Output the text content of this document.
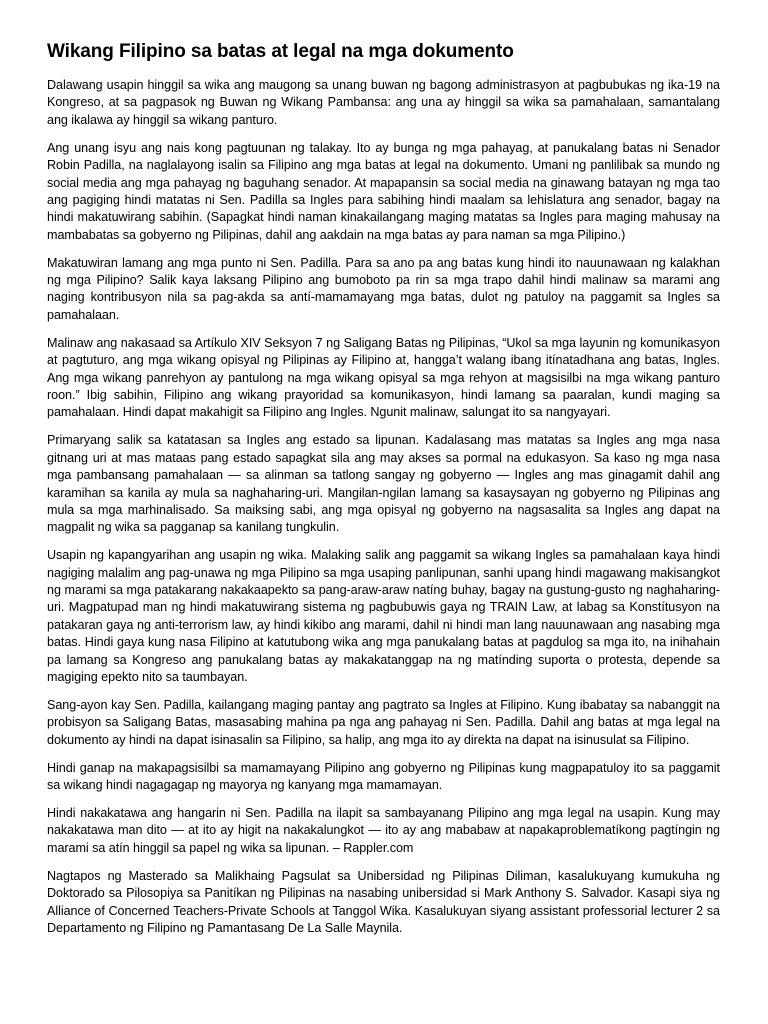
Wikang Filipino sa batas at legal na mga dokumento

Dalawang usapin hinggil sa wika ang maugong sa unang buwan ng bagong administrasyon at pagbubukas ng ika-19 na Kongreso, at sa pagpasok ng Buwan ng Wikang Pambansa: ang una ay hinggil sa wika sa pamahalaan, samantalang ang ikalawa ay hinggil sa wikang panturo.

Ang unang isyu ang nais kong pagtuunan ng talakay. Ito ay bunga ng mga pahayag, at panukalang batas ni Senador Robin Padilla, na naglalayong isalin sa Filipino ang mga batas at legal na dokumento. Umani ng panlilibak sa mundo ng social media ang mga pahayag ng baguhang senador. At mapapansin sa social media na ginawang batayan ng mga tao ang pagiging hindi matatas ni Sen. Padilla sa Ingles para sabihing hindi maalam sa lehislatura ang senador, bagay na hindi makatuwirang sabihin. (Sapagkat hindi naman kinakailangang maging matatas sa Ingles para maging mahusay na mambabatas sa gobyerno ng Pilipinas, dahil ang aakdain na mga batas ay para naman sa mga Pilipino.)

Makatuwiran lamang ang mga punto ni Sen. Padilla. Para sa ano pa ang batas kung hindi ito nauunawaan ng kalakhan ng mga Pilipino? Salik kaya laksang Pilipino ang bumoboto pa rin sa mga trapo dahil hindi malinaw sa marami ang naging kontribusyon nila sa pag-akda sa antí-mamamayang mga batas, dulot ng patuloy na paggamit sa Ingles sa pamahalaan.

Malinaw ang nakasaad sa Artíkulo XIV Seksyon 7 ng Saligang Batas ng Pilipinas, “Ukol sa mga layunin ng komunikasyon at pagtuturo, ang mga wikang opisyal ng Pilipinas ay Filipino at, hangga’t walang ibang itínatadhana ang batas, Ingles. Ang mga wikang panrehyon ay pantulong na mga wikang opisyal sa mga rehyon at magsisilbi na mga wikang panturo roon.” Ibig sabihin, Filipino ang wikang prayoridad sa komunikasyon, hindi lamang sa paaralan, kundi maging sa pamahalaan. Hindi dapat makahigit sa Filipino ang Ingles. Ngunit malinaw, salungat ito sa nangyayari.

Primaryang salik sa katatasan sa Ingles ang estado sa lipunan. Kadalasang mas matatas sa Ingles ang mga nasa gitnang uri at mas mataas pang estado sapagkat sila ang may akses sa pormal na edukasyon. Sa kaso ng mga nasa mga pambansang pamahalaan — sa alinman sa tatlong sangay ng gobyerno — Ingles ang mas ginagamit dahil ang karamihan sa kanila ay mula sa naghaharing-uri. Mangilan-ngilan lamang sa kasaysayan ng gobyerno ng Pilipinas ang mula sa mga marhinalisado. Sa maiksing sabi, ang mga opisyal ng gobyerno na nagsasalita sa Ingles ang dapat na magpalit ng wika sa pagganap sa kanilang tungkulin.

Usapin ng kapangyarihan ang usapin ng wika. Malaking salik ang paggamit sa wikang Ingles sa pamahalaan kaya hindi nagiging malalim ang pag-unawa ng mga Pilipino sa mga usaping panlipunan, sanhi upang hindi magawang makisangkot ng marami sa mga patakarang nakakaapekto sa pang-araw-araw natíng buhay, bagay na gustung-gusto ng naghaharing-uri. Magpatupad man ng hindi makatuwirang sistema ng pagbubuwis gaya ng TRAIN Law, at labag sa Konstítusyon na patakaran gaya ng anti-terrorism law, ay hindi kikibo ang marami, dahil ni hindi man lang nauunawaan ang nasabing mga batas. Hindi gaya kung nasa Filipino at katutubong wika ang mga panukalang batas at pagdulog sa mga ito, na inihahain pa lamang sa Kongreso ang panukalang batas ay makakatanggap na ng matínding suporta o protesta, depende sa magiging epekto nito sa taumbayan.

Sang-ayon kay Sen. Padilla, kailangang maging pantay ang pagtrato sa Ingles at Filipino. Kung ibabatay sa nabanggit na probisyon sa Saligang Batas, masasabing mahina pa nga ang pahayag ni Sen. Padilla. Dahil ang batas at mga legal na dokumento ay hindi na dapat isinasalin sa Filipino, sa halip, ang mga ito ay direkta na dapat na isinusulat sa Filipino.

Hindi ganap na makapagsisilbi sa mamamayang Pilipino ang gobyerno ng Pilipinas kung magpapatuloy ito sa paggamit sa wikang hindi nagagagap ng mayorya ng kanyang mga mamamayan.

Hindi nakakatawa ang hangarin ni Sen. Padilla na ilapit sa sambayanang Pilipino ang mga legal na usapin. Kung may nakakatawa man dito — at ito ay higit na nakakalungkot — ito ay ang mababaw at napakaproblematíkong pagtíngin ng marami sa atín hinggil sa papel ng wika sa lipunan. – Rappler.com

Nagtapos ng Masterado sa Malikhaing Pagsulat sa Unibersidad ng Pilipinas Diliman, kasalukuyang kumukuha ng Doktorado sa Pilosopiya sa Panitíkan ng Pilipinas na nasabing unibersidad si Mark Anthony S. Salvador. Kasapi siya ng Alliance of Concerned Teachers-Private Schools at Tanggol Wika. Kasalukuyan siyang assistant professorial lecturer 2 sa Departamento ng Filipino ng Pamantasang De La Salle Maynila.
